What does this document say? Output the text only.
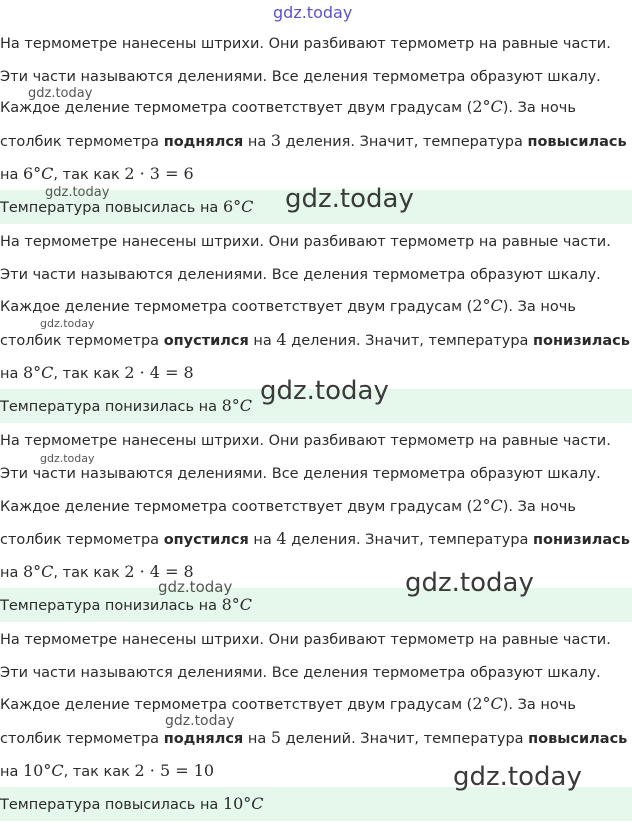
На термометре нанесены штрихи. Они разбивают термометр на равные части.
Эти части называются делениями. Все деления термометра образуют шкалу.
Каждое деление термометра соответствует двум градусам (2°C). За ночь
столбик термометра поднялся на 3 деления. Значит, температура повысилась
на 6°C, так как 2 · 3 = 6
Температура повысилась на 6°C
На термометре нанесены штрихи. Они разбивают термометр на равные части.
Эти части называются делениями. Все деления термометра образуют шкалу.
Каждое деление термометра соответствует двум градусам (2°C). За ночь
столбик термометра опустился на 4 деления. Значит, температура понизилась
на 8°C, так как 2 · 4 = 8
Температура понизилась на 8°C
На термометре нанесены штрихи. Они разбивают термометр на равные части.
Эти части называются делениями. Все деления термометра образуют шкалу.
Каждое деление термометра соответствует двум градусам (2°C). За ночь
столбик термометра опустился на 4 деления. Значит, температура понизилась
на 8°C, так как 2 · 4 = 8
Температура понизилась на 8°C
На термометре нанесены штрихи. Они разбивают термометр на равные части.
Эти части называются делениями. Все деления термометра образуют шкалу.
Каждое деление термометра соответствует двум градусам (2°C). За ночь
столбик термометра поднялся на 5 делений. Значит, температура повысилась
на 10°C, так как 2 · 5 = 10
Температура повысилась на 10°C
gdz.today
gdz.today
gdz.today	gdz.today
gdz.today
gdz.today
gdz.today
gdz.today	gdz.today
gdz.today
gdz.today
